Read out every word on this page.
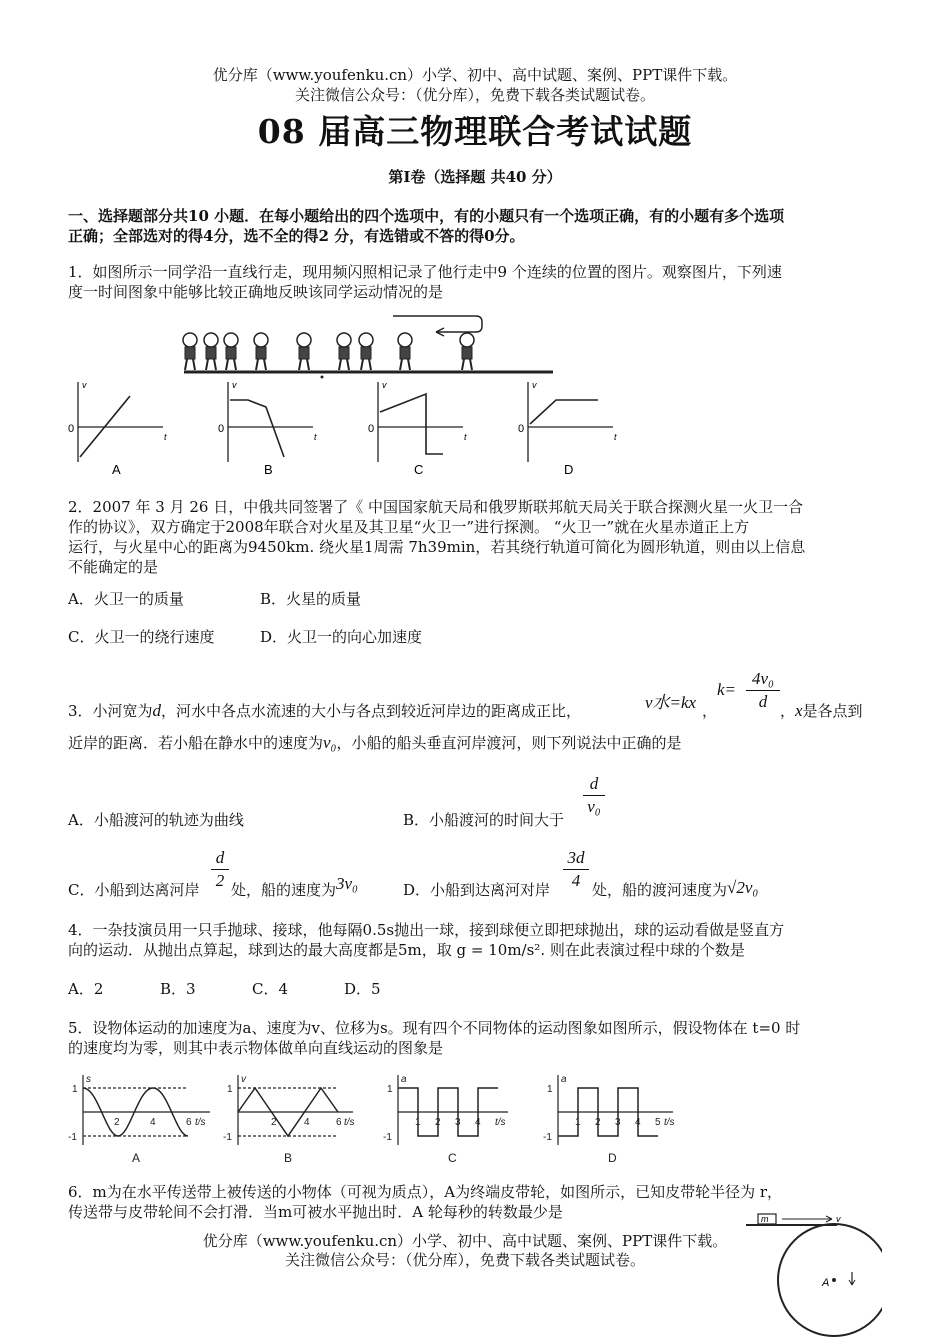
优分库（www.youfenku.cn）小学、初中、高中试题、案例、PPT课件下载。
关注微信公众号：（优分库），免费下载各类试题试卷。
08 届高三物理联合考试试题
第Ⅰ卷（选择题 共40 分）
一、选择题部分共10 小题．在每小题给出的四个选项中，有的小题只有一个选项正确，有的小题有多个选项
正确；全部选对的得4分，选不全的得2 分，有选错或不答的得0分。
1．如图所示一同学沿一直线行走，现用频闪照相记录了他行走中9 个连续的位置的图片。观察图片，下列速
度一时间图象中能够比较正确地反映该同学运动情况的是
0
v
t
A
0
v
t
B
0
v
t
C
0
v
t
D
2．2007 年 3 月 26 日，中俄共同签署了《 中国国家航天局和俄罗斯联邦航天局关于联合探测火星一火卫一合
作的协议》，双方确定于2008年联合对火星及其卫星“火卫一”进行探测。 “火卫一”就在火星赤道正上方
运行，与火星中心的距离为9450km. 绕火星1周需 7h39min，若其绕行轨道可简化为圆形轨道，则由以上信息
不能确定的是
A．火卫一的质量	B．火星的质量
C．火卫一的绕行速度	D．火卫一的向心加速度
3．小河宽为d，河水中各点水流速的大小与各点到较近河岸边的距离成正比，	v水=kx ，
k=
4v₀
d ， x是各点到
近岸的距离．若小船在静水中的速度为v₀，小船的船头垂直河岸渡河，则下列说法中正确的是
A．小船渡河的轨迹为曲线	B．小船渡河的时间大于
d
v₀
C．小船到达离河岸
d
2 处，船的速度为3v₀	D．小船到达离河对岸
3d
4 处，船的渡河速度为√2v₀
4．一杂技演员用一只手抛球、接球，他每隔0.5s抛出一球，接到球便立即把球抛出，球的运动看做是竖直方
向的运动．从抛出点算起，球到达的最大高度都是5m，取 g = 10m/s². 则在此表演过程中球的个数是
A．2	B．3	C．4	D．5
5．设物体运动的加速度为a、速度为v、位移为s。现有四个不同物体的运动图象如图所示，假设物体在 t=0 时
的速度均为零，则其中表示物体做单向直线运动的图象是
s
1
-1
2	4	6 t/s
A
v
1
-1
2	4	6 t/s
B
a
1
-1
1 2 3 4 t/s
C
a
1
-1
1 2 3 4 5 t/s
D
6．m为在水平传送带上被传送的小物体（可视为质点），A为终端皮带轮，如图所示，已知皮带轮半径为 r，
传送带与皮带轮间不会打滑．当m可被水平抛出时．A 轮每秒的转数最少是	m	v
A
优分库（www.youfenku.cn）小学、初中、高中试题、案例、PPT课件下载。
关注微信公众号：（优分库），免费下载各类试题试卷。
